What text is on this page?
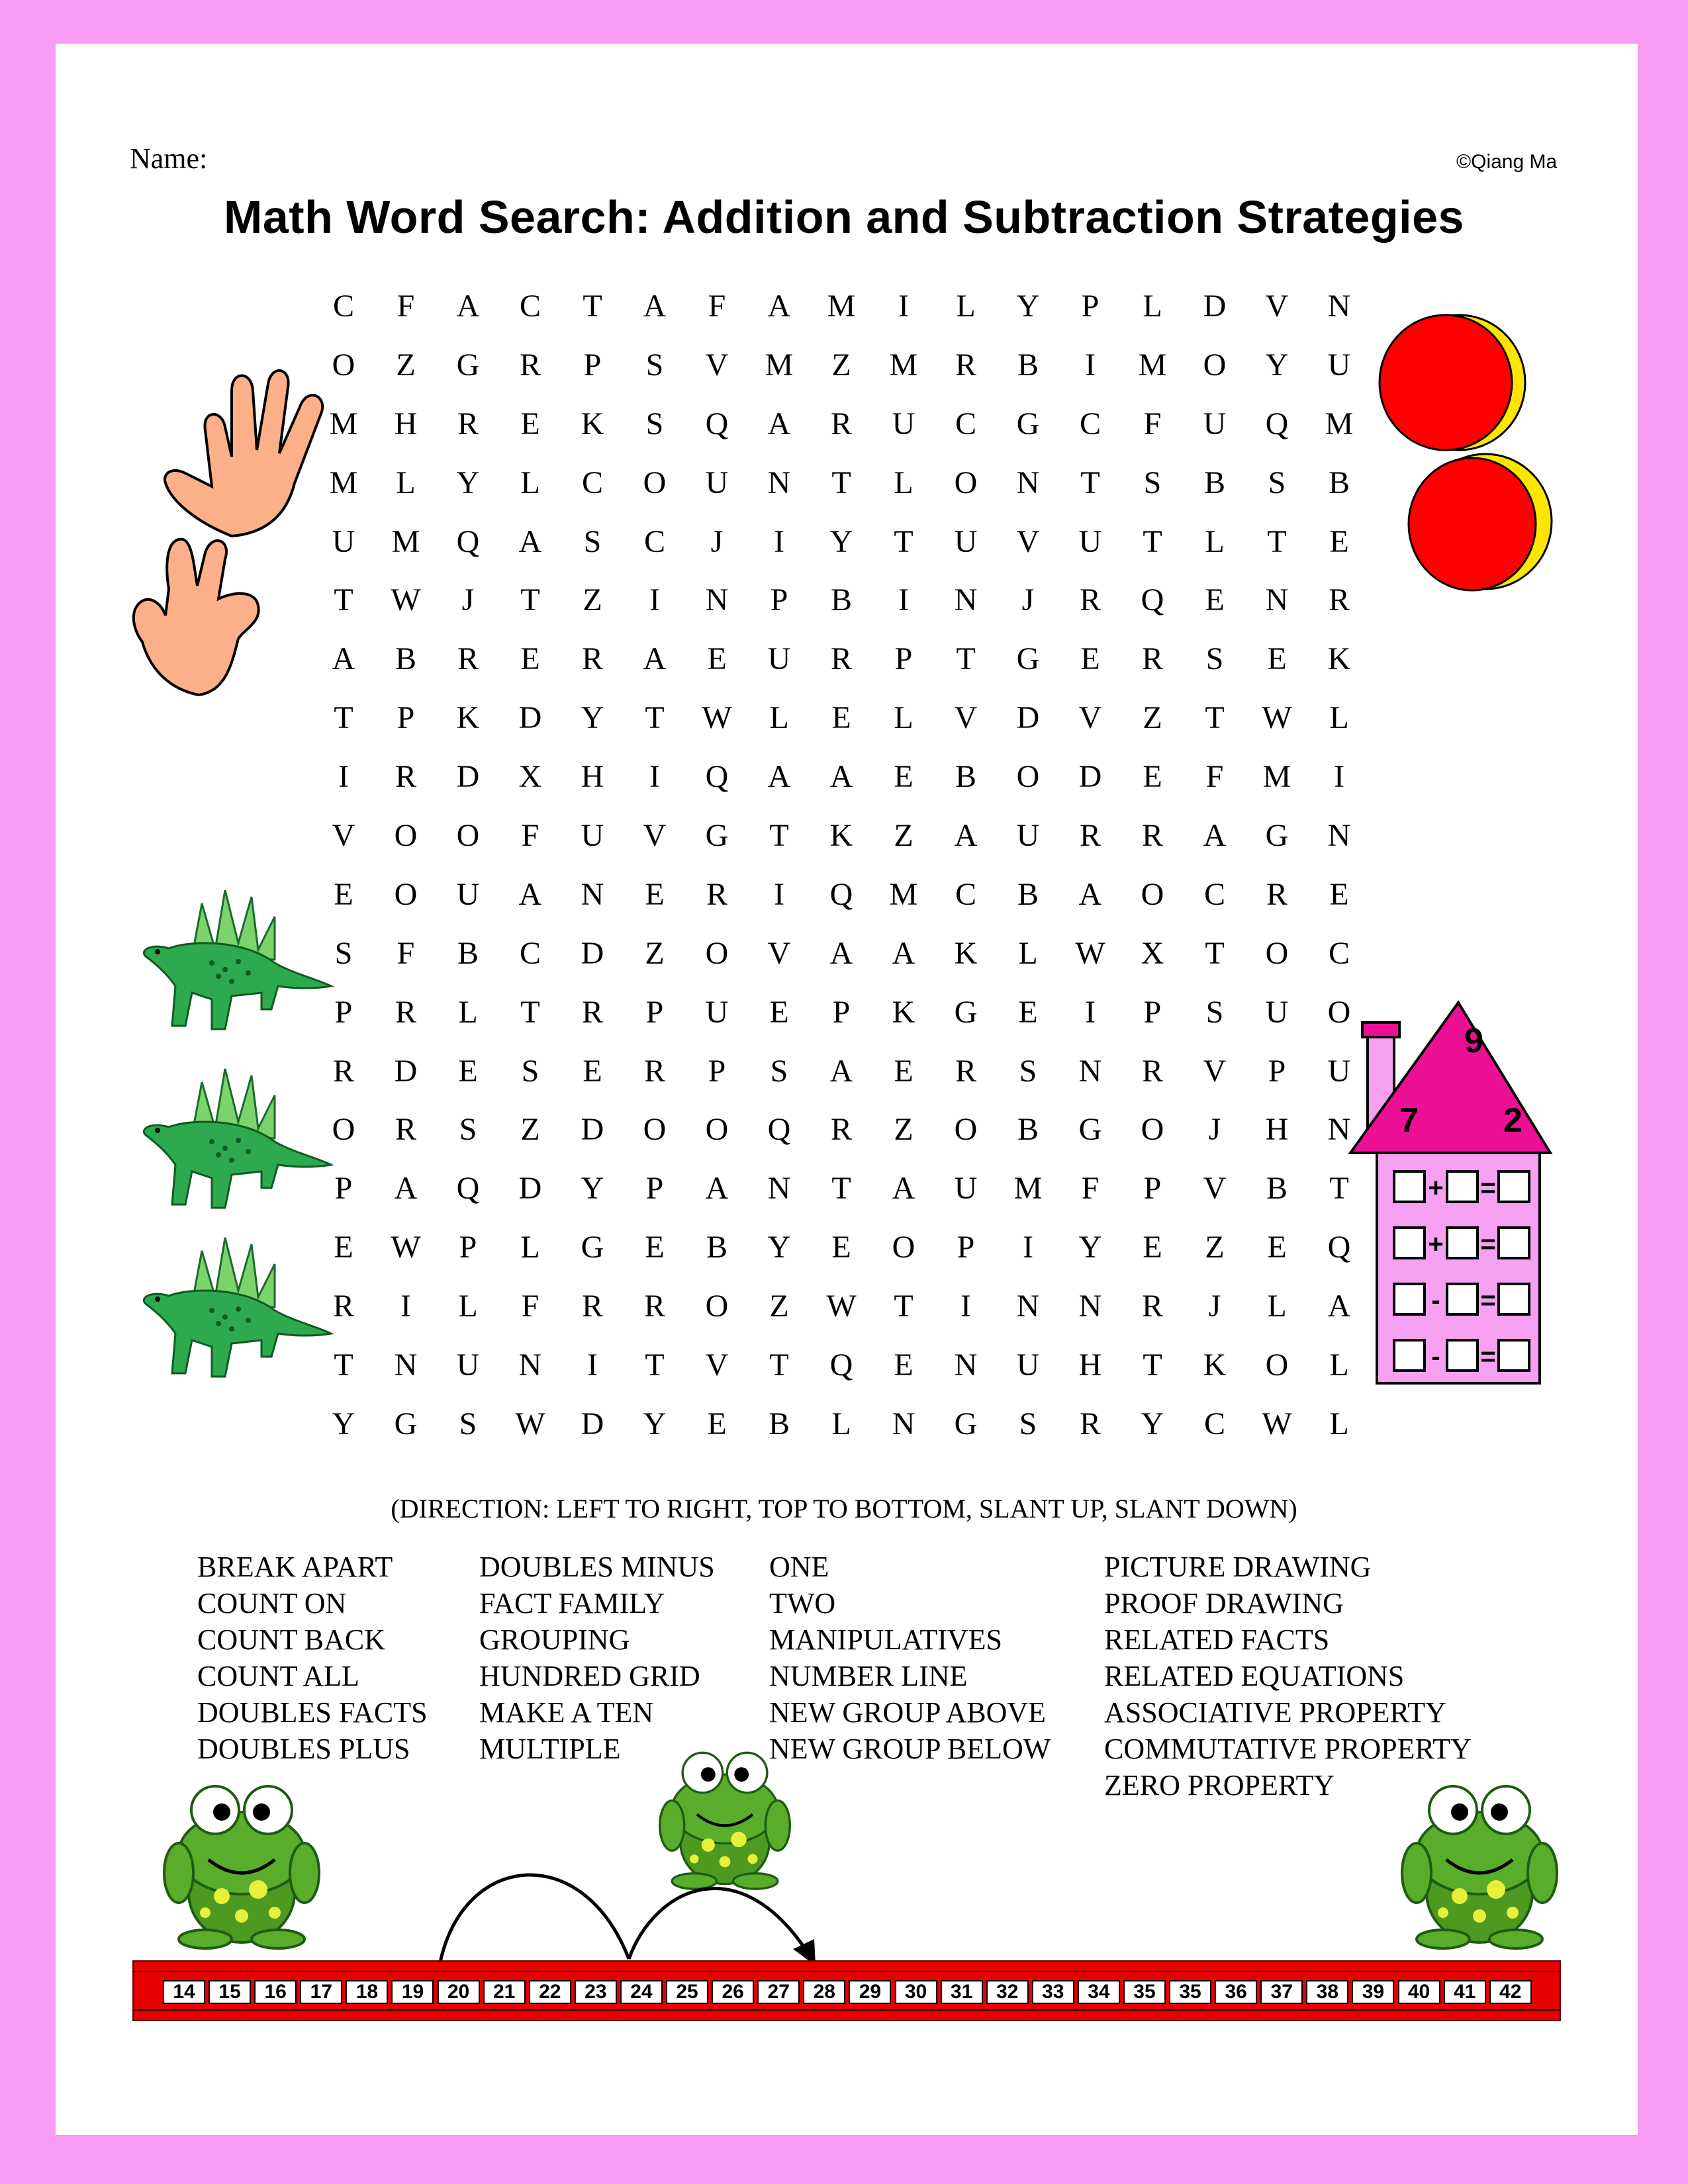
Name:	©Qiang Ma
Math Word Search: Addition and Subtraction Strategies
9
7 2
+
+
-
-
=
=
=
=
C	F	A	C	T	A	F	A	M	I	L	Y	P	L	D	V	N
O	Z	G	R	P	S	V	M	Z	M	R	B	I	M	O	Y	U
M	H	R	E	K	S	Q	A	R	U	C	G	C	F	U	Q	M
M	L	Y	L	C	O	U	N	T	L	O	N	T	S	B	S	B
U	M	Q	A	S	C	J	I	Y	T	U	V	U	T	L	T	E
T	W	J	T	Z	I	N	P	B	I	N	J	R	Q	E	N	R
A	B	R	E	R	A	E	U	R	P	T	G	E	R	S	E	K
T	P	K	D	Y	T	W	L	E	L	V	D	V	Z	T	W	L
I	R	D	X	H	I	Q	A	A	E	B	O	D	E	F	M	I
V	O	O	F	U	V	G	T	K	Z	A	U	R	R	A	G	N
E	O	U	A	N	E	R	I	Q	M	C	B	A	O	C	R	E
S	F	B	C	D	Z	O	V	A	A	K	L	W	X	T	O	C
P	R	L	T	R	P	U	E	P	K	G	E	I	P	S	U	O
R	D	E	S	E	R	P	S	A	E	R	S	N	R	V	P	U
O	R	S	Z	D	O	O	Q	R	Z	O	B	G	O	J	H	N
P	A	Q	D	Y	P	A	N	T	A	U	M	F	P	V	B	T
E	W	P	L	G	E	B	Y	E	O	P	I	Y	E	Z	E	Q
R	I	L	F	R	R	O	Z	W	T	I	N	N	R	J	L	A
T	N	U	N	I	T	V	T	Q	E	N	U	H	T	K	O	L
Y	G	S	W	D	Y	E	B	L	N	G	S	R	Y	C	W	L
(DIRECTION: LEFT TO RIGHT, TOP TO BOTTOM, SLANT UP, SLANT DOWN)
BREAK APART
COUNT ON
COUNT BACK
COUNT ALL
DOUBLES FACTS
DOUBLES PLUS
DOUBLES MINUS
FACT FAMILY
GROUPING
HUNDRED GRID
MAKE A TEN
MULTIPLE
ONE
TWO
MANIPULATIVES
NUMBER LINE
NEW GROUP ABOVE
NEW GROUP BELOW
PICTURE DRAWING
PROOF DRAWING
RELATED FACTS
RELATED EQUATIONS
ASSOCIATIVE PROPERTY
COMMUTATIVE PROPERTY
ZERO PROPERTY
14	15	16	17	18	19	20	21	22	23	24	25	26	27	28	29	30	31	32	33	34	35	35	36	37	38	39	40	41	42
